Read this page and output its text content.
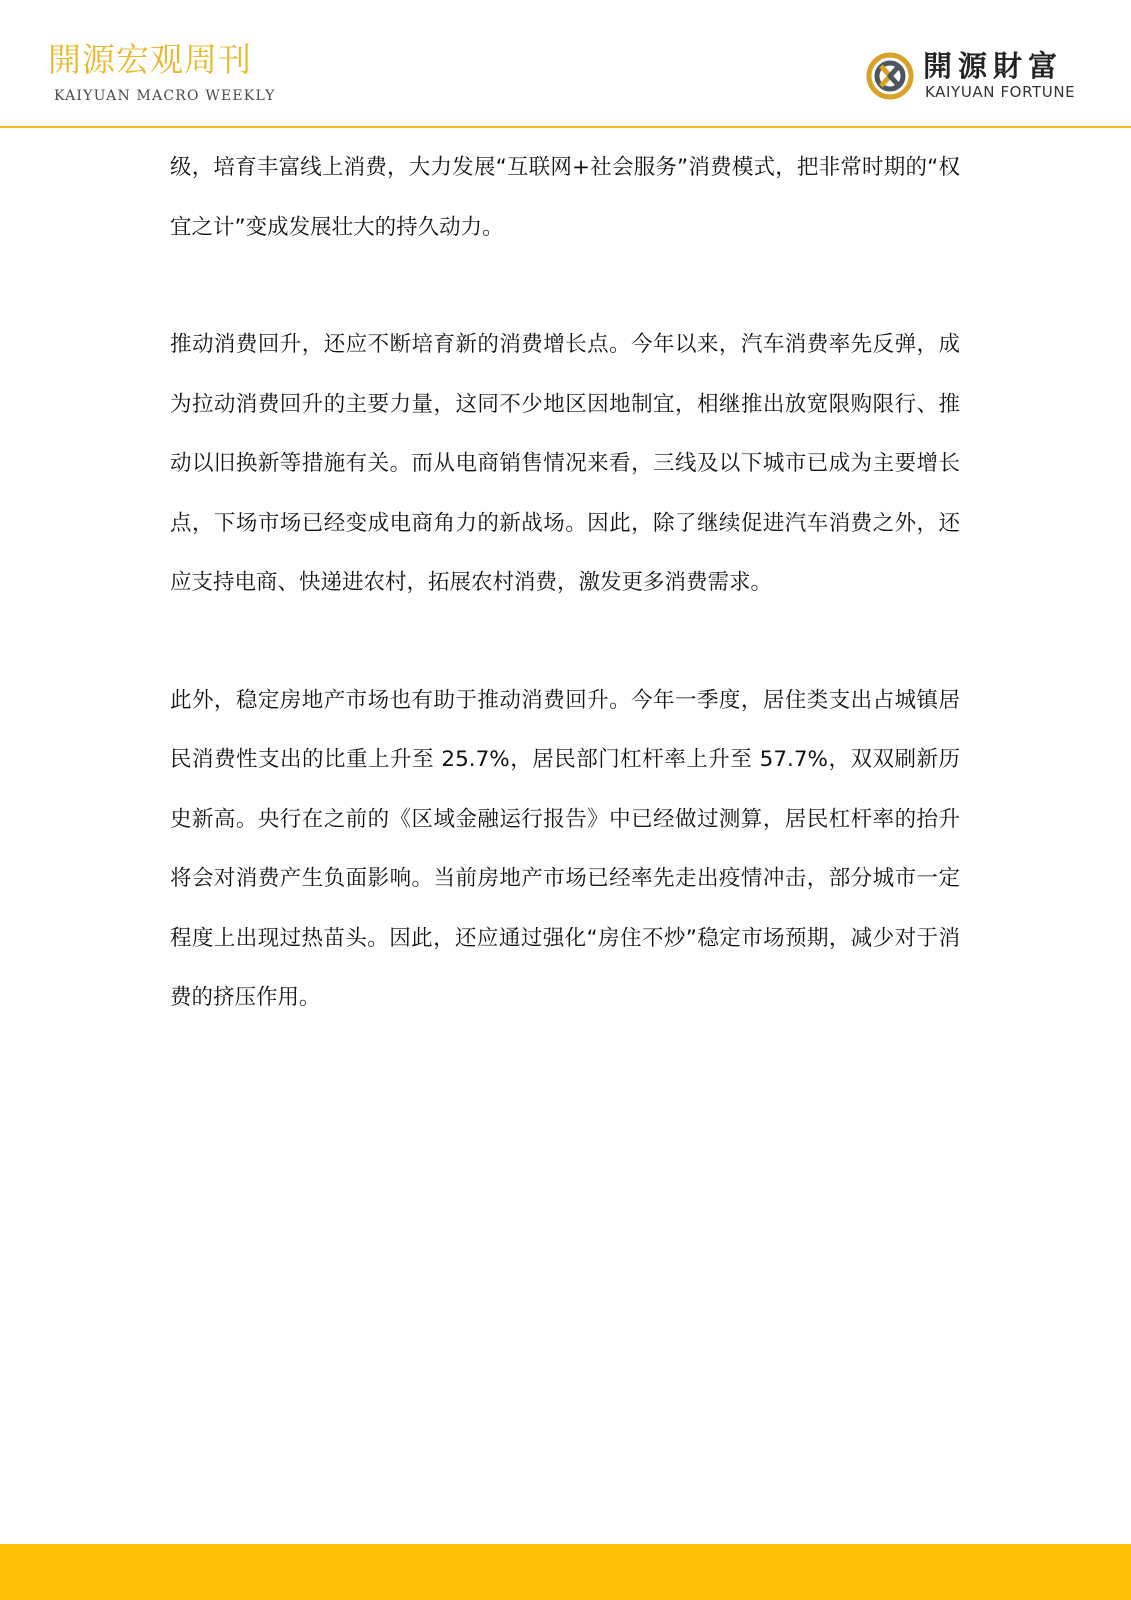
開源宏观周刊
KAIYUAN MACRO WEEKLY
開源財富
KAIYUAN FORTUNE

级，培育丰富线上消费，大力发展“互联网+社会服务”消费模式，把非常时期的“权宜之计”变成发展壮大的持久动力。

推动消费回升，还应不断培育新的消费增长点。今年以来，汽车消费率先反弹，成为拉动消费回升的主要力量，这同不少地区因地制宜，相继推出放宽限购限行、推动以旧换新等措施有关。而从电商销售情况来看，三线及以下城市已成为主要增长点，下场市场已经变成电商角力的新战场。因此，除了继续促进汽车消费之外，还应支持电商、快递进农村，拓展农村消费，激发更多消费需求。

此外，稳定房地产市场也有助于推动消费回升。今年一季度，居住类支出占城镇居民消费性支出的比重上升至 25.7%，居民部门杠杆率上升至 57.7%，双双刷新历史新高。央行在之前的《区域金融运行报告》中已经做过测算，居民杠杆率的抬升将会对消费产生负面影响。当前房地产市场已经率先走出疫情冲击，部分城市一定程度上出现过热苗头。因此，还应通过强化“房住不炒”稳定市场预期，减少对于消费的挤压作用。
